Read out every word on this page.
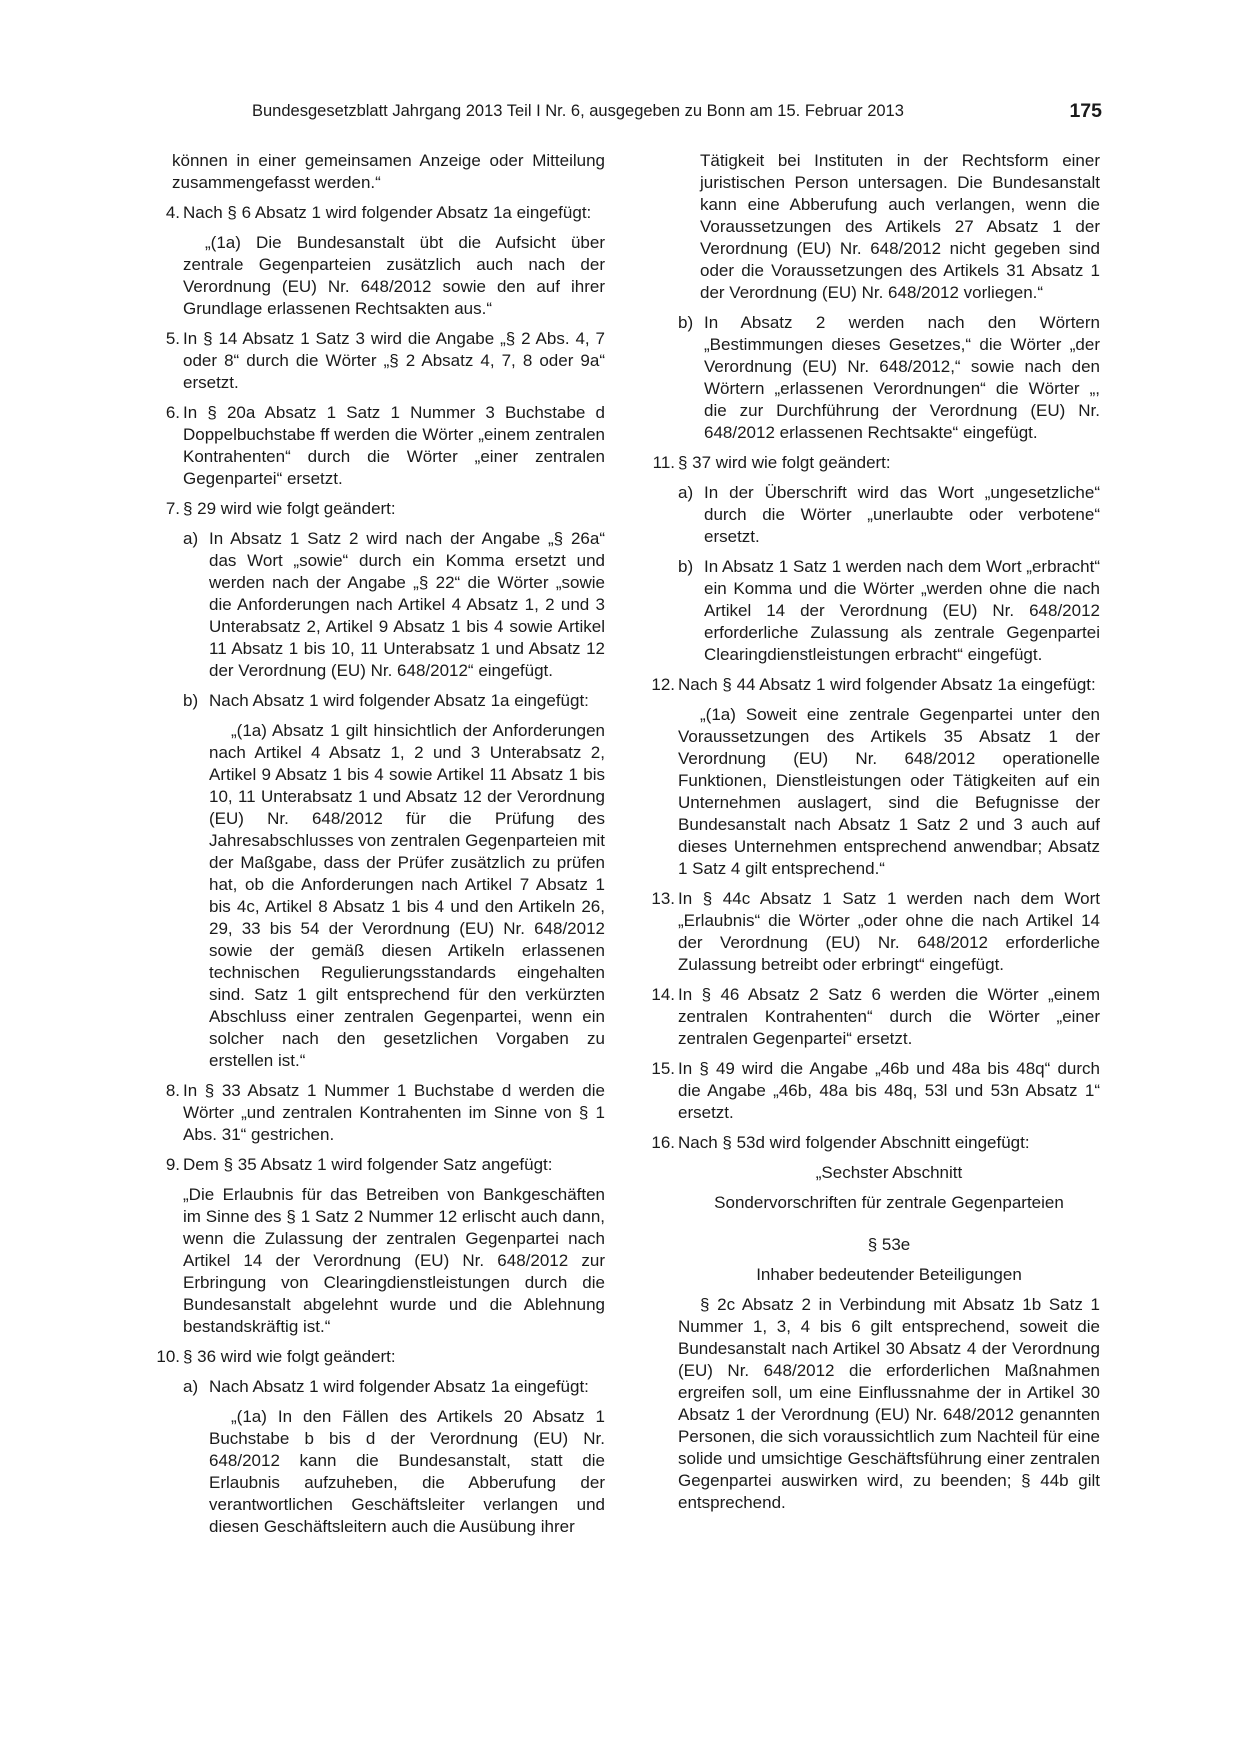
Bundesgesetzblatt Jahrgang 2013 Teil I Nr. 6, ausgegeben zu Bonn am 15. Februar 2013	175

können in einer gemeinsamen Anzeige oder Mitteilung zusammengefasst werden.“

4. Nach § 6 Absatz 1 wird folgender Absatz 1a eingefügt:

„(1a) Die Bundesanstalt übt die Aufsicht über zentrale Gegenparteien zusätzlich auch nach der Verordnung (EU) Nr. 648/2012 sowie den auf ihrer Grundlage erlassenen Rechtsakten aus.“

5. In § 14 Absatz 1 Satz 3 wird die Angabe „§ 2 Abs. 4, 7 oder 8“ durch die Wörter „§ 2 Absatz 4, 7, 8 oder 9a“ ersetzt.

6. In § 20a Absatz 1 Satz 1 Nummer 3 Buchstabe d Doppelbuchstabe ff werden die Wörter „einem zentralen Kontrahenten“ durch die Wörter „einer zentralen Gegenpartei“ ersetzt.

7. § 29 wird wie folgt geändert:

a) In Absatz 1 Satz 2 wird nach der Angabe „§ 26a“ das Wort „sowie“ durch ein Komma ersetzt und werden nach der Angabe „§ 22“ die Wörter „sowie die Anforderungen nach Artikel 4 Absatz 1, 2 und 3 Unterabsatz 2, Artikel 9 Absatz 1 bis 4 sowie Artikel 11 Absatz 1 bis 10, 11 Unterabsatz 1 und Absatz 12 der Verordnung (EU) Nr. 648/2012“ eingefügt.

b) Nach Absatz 1 wird folgender Absatz 1a eingefügt:

„(1a) Absatz 1 gilt hinsichtlich der Anforderungen nach Artikel 4 Absatz 1, 2 und 3 Unterabsatz 2, Artikel 9 Absatz 1 bis 4 sowie Artikel 11 Absatz 1 bis 10, 11 Unterabsatz 1 und Absatz 12 der Verordnung (EU) Nr. 648/2012 für die Prüfung des Jahresabschlusses von zentralen Gegenparteien mit der Maßgabe, dass der Prüfer zusätzlich zu prüfen hat, ob die Anforderungen nach Artikel 7 Absatz 1 bis 4c, Artikel 8 Absatz 1 bis 4 und den Artikeln 26, 29, 33 bis 54 der Verordnung (EU) Nr. 648/2012 sowie der gemäß diesen Artikeln erlassenen technischen Regulierungsstandards eingehalten sind. Satz 1 gilt entsprechend für den verkürzten Abschluss einer zentralen Gegenpartei, wenn ein solcher nach den gesetzlichen Vorgaben zu erstellen ist.“

8. In § 33 Absatz 1 Nummer 1 Buchstabe d werden die Wörter „und zentralen Kontrahenten im Sinne von § 1 Abs. 31“ gestrichen.

9. Dem § 35 Absatz 1 wird folgender Satz angefügt:

„Die Erlaubnis für das Betreiben von Bankgeschäften im Sinne des § 1 Satz 2 Nummer 12 erlischt auch dann, wenn die Zulassung der zentralen Gegenpartei nach Artikel 14 der Verordnung (EU) Nr. 648/2012 zur Erbringung von Clearingdienstleistungen durch die Bundesanstalt abgelehnt wurde und die Ablehnung bestandskräftig ist.“

10. § 36 wird wie folgt geändert:

a) Nach Absatz 1 wird folgender Absatz 1a eingefügt:

„(1a) In den Fällen des Artikels 20 Absatz 1 Buchstabe b bis d der Verordnung (EU) Nr. 648/2012 kann die Bundesanstalt, statt die Erlaubnis aufzuheben, die Abberufung der verantwortlichen Geschäftsleiter verlangen und diesen Geschäftsleitern auch die Ausübung ihrer

Tätigkeit bei Instituten in der Rechtsform einer juristischen Person untersagen. Die Bundesanstalt kann eine Abberufung auch verlangen, wenn die Voraussetzungen des Artikels 27 Absatz 1 der Verordnung (EU) Nr. 648/2012 nicht gegeben sind oder die Voraussetzungen des Artikels 31 Absatz 1 der Verordnung (EU) Nr. 648/2012 vorliegen.“

b) In Absatz 2 werden nach den Wörtern „Bestimmungen dieses Gesetzes,“ die Wörter „der Verordnung (EU) Nr. 648/2012,“ sowie nach den Wörtern „erlassenen Verordnungen“ die Wörter „, die zur Durchführung der Verordnung (EU) Nr. 648/2012 erlassenen Rechtsakte“ eingefügt.

11. § 37 wird wie folgt geändert:

a) In der Überschrift wird das Wort „ungesetzliche“ durch die Wörter „unerlaubte oder verbotene“ ersetzt.

b) In Absatz 1 Satz 1 werden nach dem Wort „erbracht“ ein Komma und die Wörter „werden ohne die nach Artikel 14 der Verordnung (EU) Nr. 648/2012 erforderliche Zulassung als zentrale Gegenpartei Clearingdienstleistungen erbracht“ eingefügt.

12. Nach § 44 Absatz 1 wird folgender Absatz 1a eingefügt:

„(1a) Soweit eine zentrale Gegenpartei unter den Voraussetzungen des Artikels 35 Absatz 1 der Verordnung (EU) Nr. 648/2012 operationelle Funktionen, Dienstleistungen oder Tätigkeiten auf ein Unternehmen auslagert, sind die Befugnisse der Bundesanstalt nach Absatz 1 Satz 2 und 3 auch auf dieses Unternehmen entsprechend anwendbar; Absatz 1 Satz 4 gilt entsprechend.“

13. In § 44c Absatz 1 Satz 1 werden nach dem Wort „Erlaubnis“ die Wörter „oder ohne die nach Artikel 14 der Verordnung (EU) Nr. 648/2012 erforderliche Zulassung betreibt oder erbringt“ eingefügt.

14. In § 46 Absatz 2 Satz 6 werden die Wörter „einem zentralen Kontrahenten“ durch die Wörter „einer zentralen Gegenpartei“ ersetzt.

15. In § 49 wird die Angabe „46b und 48a bis 48q“ durch die Angabe „46b, 48a bis 48q, 53l und 53n Absatz 1“ ersetzt.

16. Nach § 53d wird folgender Abschnitt eingefügt:

„Sechster Abschnitt

Sondervorschriften für zentrale Gegenparteien

§ 53e

Inhaber bedeutender Beteiligungen

§ 2c Absatz 2 in Verbindung mit Absatz 1b Satz 1 Nummer 1, 3, 4 bis 6 gilt entsprechend, soweit die Bundesanstalt nach Artikel 30 Absatz 4 der Verordnung (EU) Nr. 648/2012 die erforderlichen Maßnahmen ergreifen soll, um eine Einflussnahme der in Artikel 30 Absatz 1 der Verordnung (EU) Nr. 648/2012 genannten Personen, die sich voraussichtlich zum Nachteil für eine solide und umsichtige Geschäftsführung einer zentralen Gegenpartei auswirken wird, zu beenden; § 44b gilt entsprechend.
